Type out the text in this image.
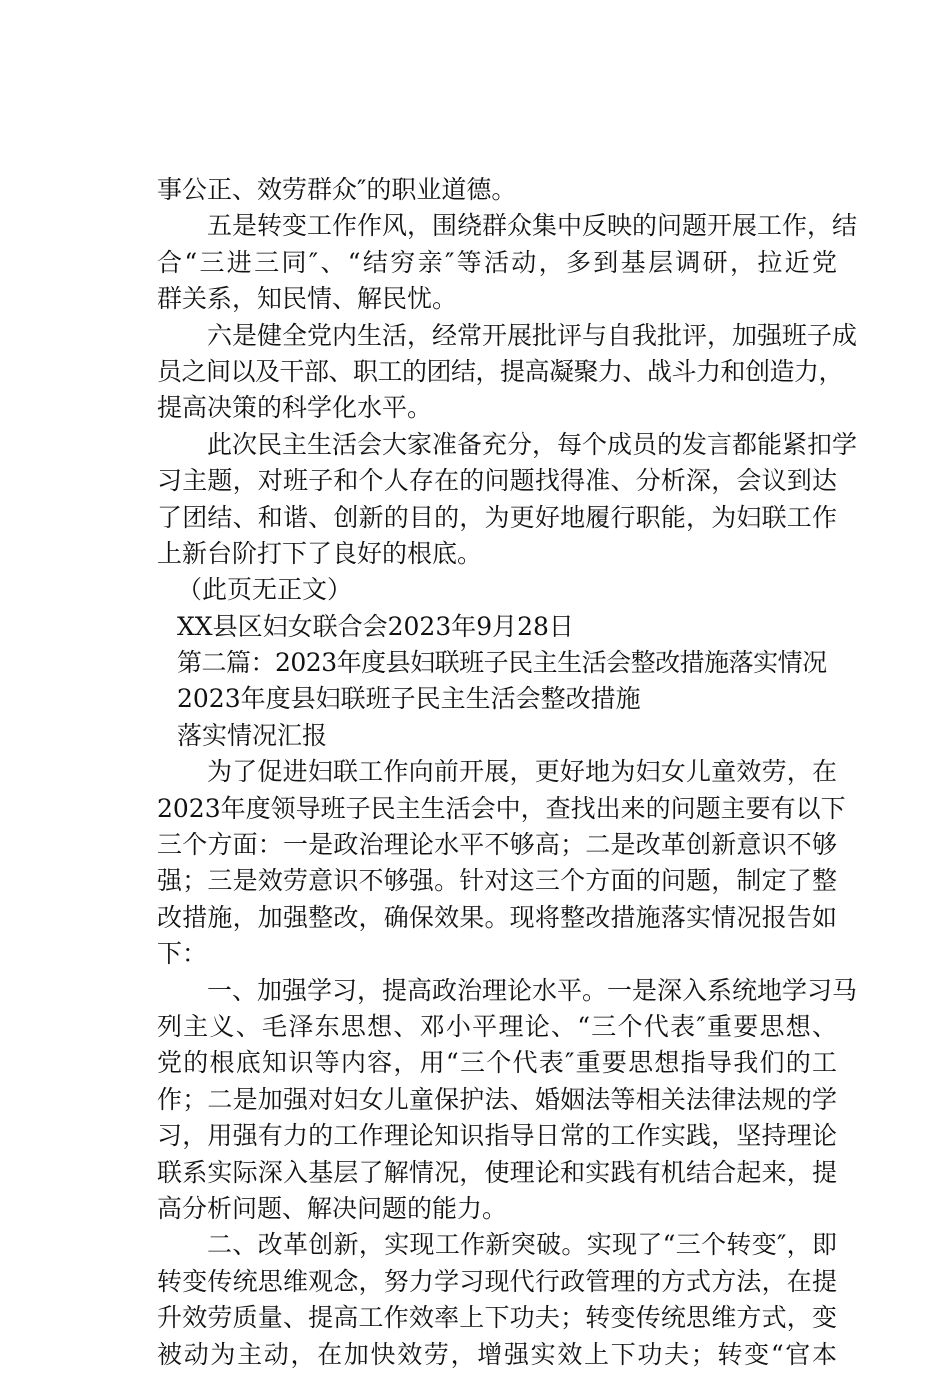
事公正、效劳群众″的职业道德。
五是转变工作作风，围绕群众集中反映的问题开展工作，结
合“三进三同″、“结穷亲″等活动，多到基层调研，拉近党
群关系，知民情、解民忧。
六是健全党内生活，经常开展批评与自我批评，加强班子成
员之间以及干部、职工的团结，提高凝聚力、战斗力和创造力，
提高决策的科学化水平。
此次民主生活会大家准备充分，每个成员的发言都能紧扣学
习主题，对班子和个人存在的问题找得准、分析深，会议到达
了团结、和谐、创新的目的，为更好地履行职能，为妇联工作
上新台阶打下了良好的根底。
（此页无正文）
XX县区妇女联合会2023年9月28日
第二篇：2023年度县妇联班子民主生活会整改措施落实情况
2023年度县妇联班子民主生活会整改措施
落实情况汇报
为了促进妇联工作向前开展，更好地为妇女儿童效劳，在
2023年度领导班子民主生活会中，查找出来的问题主要有以下
三个方面：一是政治理论水平不够高；二是改革创新意识不够
强；三是效劳意识不够强。针对这三个方面的问题，制定了整
改措施，加强整改，确保效果。现将整改措施落实情况报告如
下：
一、加强学习，提高政治理论水平。一是深入系统地学习马
列主义、毛泽东思想、邓小平理论、“三个代表″重要思想、
党的根底知识等内容，用“三个代表″重要思想指导我们的工
作；二是加强对妇女儿童保护法、婚姻法等相关法律法规的学
习，用强有力的工作理论知识指导日常的工作实践，坚持理论
联系实际深入基层了解情况，使理论和实践有机结合起来，提
高分析问题、解决问题的能力。
二、改革创新，实现工作新突破。实现了“三个转变″，即
转变传统思维观念，努力学习现代行政管理的方式方法，在提
升效劳质量、提高工作效率上下功夫；转变传统思维方式，变
被动为主动，在加快效劳，增强实效上下功夫；转变“官本
